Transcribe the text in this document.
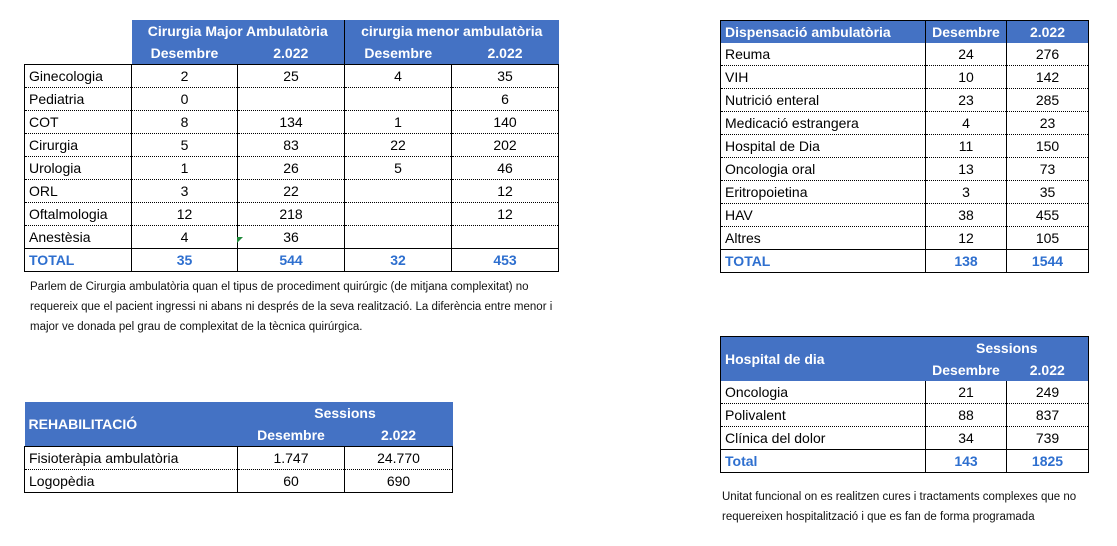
	Cirurgia Major Ambulatòria		cirurgia menor ambulatòria	
	Desembre	2.022	Desembre	2.022
Ginecologia	2	25	4	35
Pediatria	0			6
COT	8	134	1	140
Cirurgia	5	83	22	202
Urologia	1	26	5	46
ORL	3	22		12
Oftalmologia	12	218		12
Anestèsia	4	36		
TOTAL	35	544	32	453
Parlem de Cirurgia ambulatòria quan el tipus de procediment quirúrgic (de mitjana complexitat) no requereix que el pacient ingressi ni abans ni després de la seva realització. La diferència entre menor i major ve donada pel grau de complexitat de la tècnica quirúrgica.
Dispensació ambulatòria	Desembre	2.022
Reuma	24	276
VIH	10	142
Nutrició enteral	23	285
Medicació estrangera	4	23
Hospital de Dia	11	150
Oncologia oral	13	73
Eritropoietina	3	35
HAV	38	455
Altres	12	105
TOTAL	138	1544
Hospital de dia	Sessions	
	Desembre	2.022
Oncologia	21	249
Polivalent	88	837
Clínica del dolor	34	739
Total	143	1825
Unitat funcional on es realitzen cures i tractaments complexes que no requereixen hospitalització i que es fan de forma programada
REHABILITACIÓ	Sessions	
	Desembre	2.022
Fisioteràpia ambulatòria	1.747	24.770
Logopèdia	60	690
